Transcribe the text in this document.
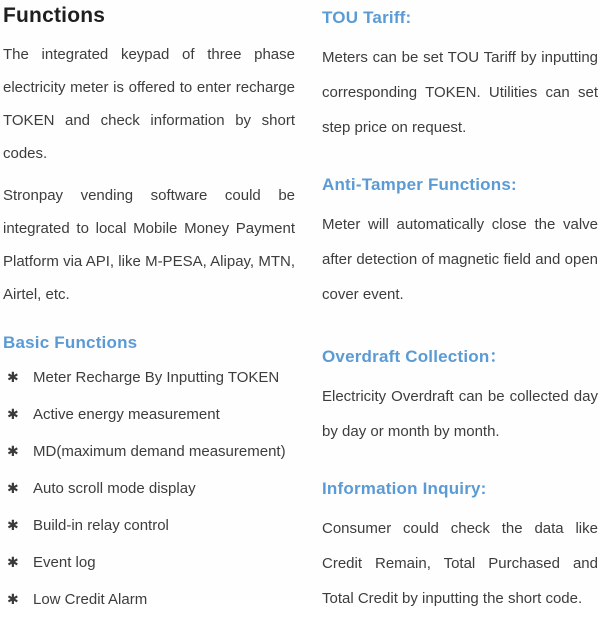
Functions

The integrated keypad of three phase electricity meter is offered to enter recharge TOKEN and check information by short codes.

Stronpay vending software could be integrated to local Mobile Money Payment Platform via API, like M-PESA, Alipay, MTN, Airtel, etc.

Basic Functions
✱ Meter Recharge By Inputting TOKEN
✱ Active energy measurement
✱ MD(maximum demand measurement)
✱ Auto scroll mode display
✱ Build-in relay control
✱ Event log
✱ Low Credit Alarm
TOU Tariff:

Meters can be set TOU Tariff by inputting corresponding TOKEN. Utilities can set step price on request.

Anti-Tamper Functions:

Meter will automatically close the valve after detection of magnetic field and open cover event.

Overdraft Collection：

Electricity Overdraft can be collected day by day or month by month.

Information Inquiry:

Consumer could check the data like Credit Remain, Total Purchased and Total Credit by inputting the short code.
